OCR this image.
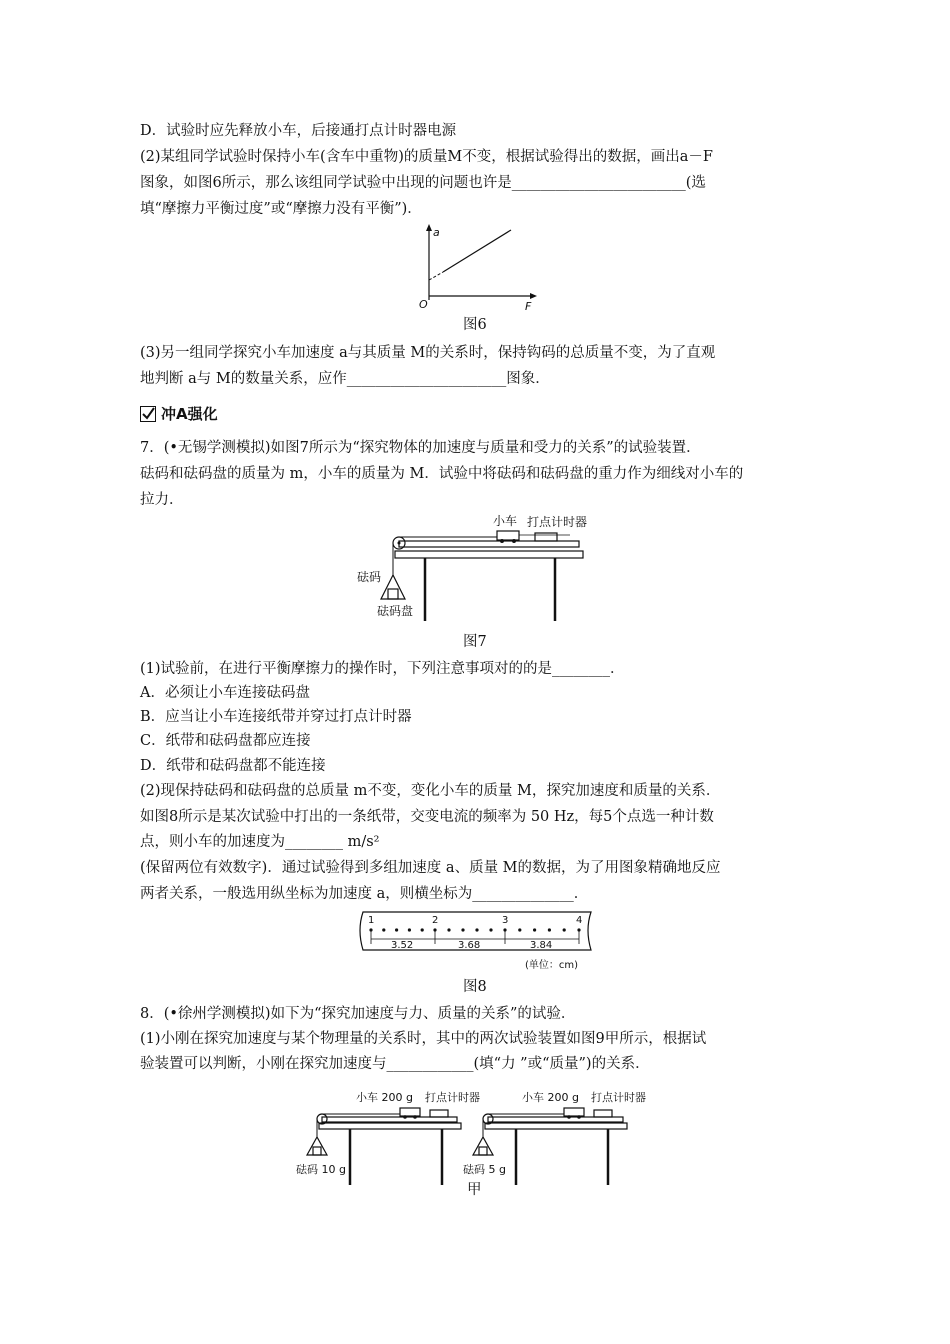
D．试验时应先释放小车，后接通打点计时器电源
(2)某组同学试验时保持小车(含车中重物)的质量M不变，根据试验得出的数据，画出a－F
图象，如图6所示，那么该组同学试验中出现的问题也许是________________________(选
填“摩擦力平衡过度”或“摩擦力没有平衡”)．
a
O	F
图6
(3)另一组同学探究小车加速度 a与其质量 M的关系时，保持钩码的总质量不变，为了直观
地判断 a与 M的数量关系，应作______________________图象．
冲A强化
7．(•无锡学测模拟)如图7所示为“探究物体的加速度与质量和受力的关系”的试验装置．
砝码和砝码盘的质量为 m，小车的质量为 M．试验中将砝码和砝码盘的重力作为细线对小车的
拉力．
小车 打点计时器
砝码
砝码盘
图7
(1)试验前，在进行平衡摩擦力的操作时，下列注意事项对的的是________．
A．必须让小车连接砝码盘
B．应当让小车连接纸带并穿过打点计时器
C．纸带和砝码盘都应连接
D．纸带和砝码盘都不能连接
(2)现保持砝码和砝码盘的总质量 m不变，变化小车的质量 M，探究加速度和质量的关系．
如图8所示是某次试验中打出的一条纸带，交变电流的频率为 50 Hz，每5个点选一种计数
点，则小车的加速度为________ m/s²
(保留两位有效数字)．通过试验得到多组加速度 a、质量 M的数据，为了用图象精确地反应
两者关系，一般选用纵坐标为加速度 a，则横坐标为______________．
1	2	3	4
3.52	3.68	3.84
(单位：cm)
图8
8．(•徐州学测模拟)如下为“探究加速度与力、质量的关系”的试验．
(1)小刚在探究加速度与某个物理量的关系时，其中的两次试验装置如图9甲所示，根据试
验装置可以判断，小刚在探究加速度与____________(填“力 ”或“质量”)的关系．
小车 200 g 打点计时器
砝码 10 g
小车 200 g 打点计时器
砝码 5 g
甲
